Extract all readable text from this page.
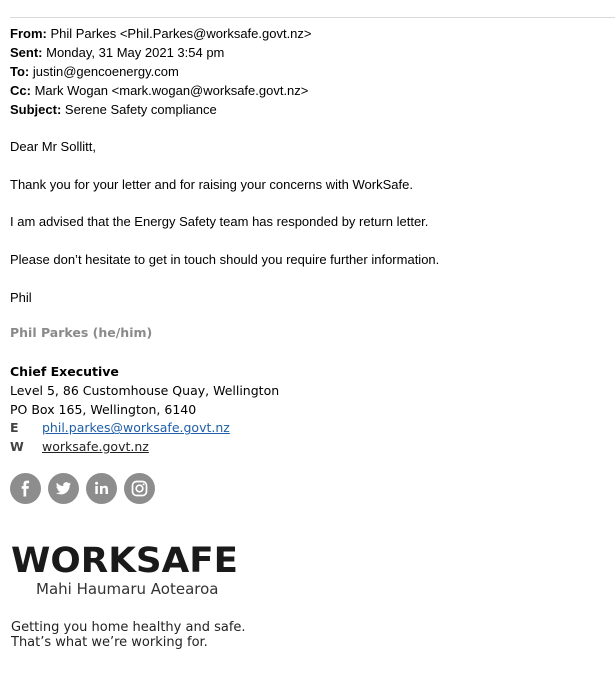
From: Phil Parkes <Phil.Parkes@worksafe.govt.nz>
Sent: Monday, 31 May 2021 3:54 pm
To: justin@gencoenergy.com
Cc: Mark Wogan <mark.wogan@worksafe.govt.nz>
Subject: Serene Safety compliance
Dear Mr Sollitt,
Thank you for your letter and for raising your concerns with WorkSafe.
I am advised that the Energy Safety team has responded by return letter.
Please don’t hesitate to get in touch should you require further information.
Phil
Phil Parkes (he/him)
Chief Executive
Level 5, 86 Customhouse Quay, Wellington
PO Box 165, Wellington, 6140
E phil.parkes@worksafe.govt.nz
W worksafe.govt.nz
WORKSAFE
Mahi Haumaru Aotearoa
Getting you home healthy and safe.
That’s what we’re working for.
